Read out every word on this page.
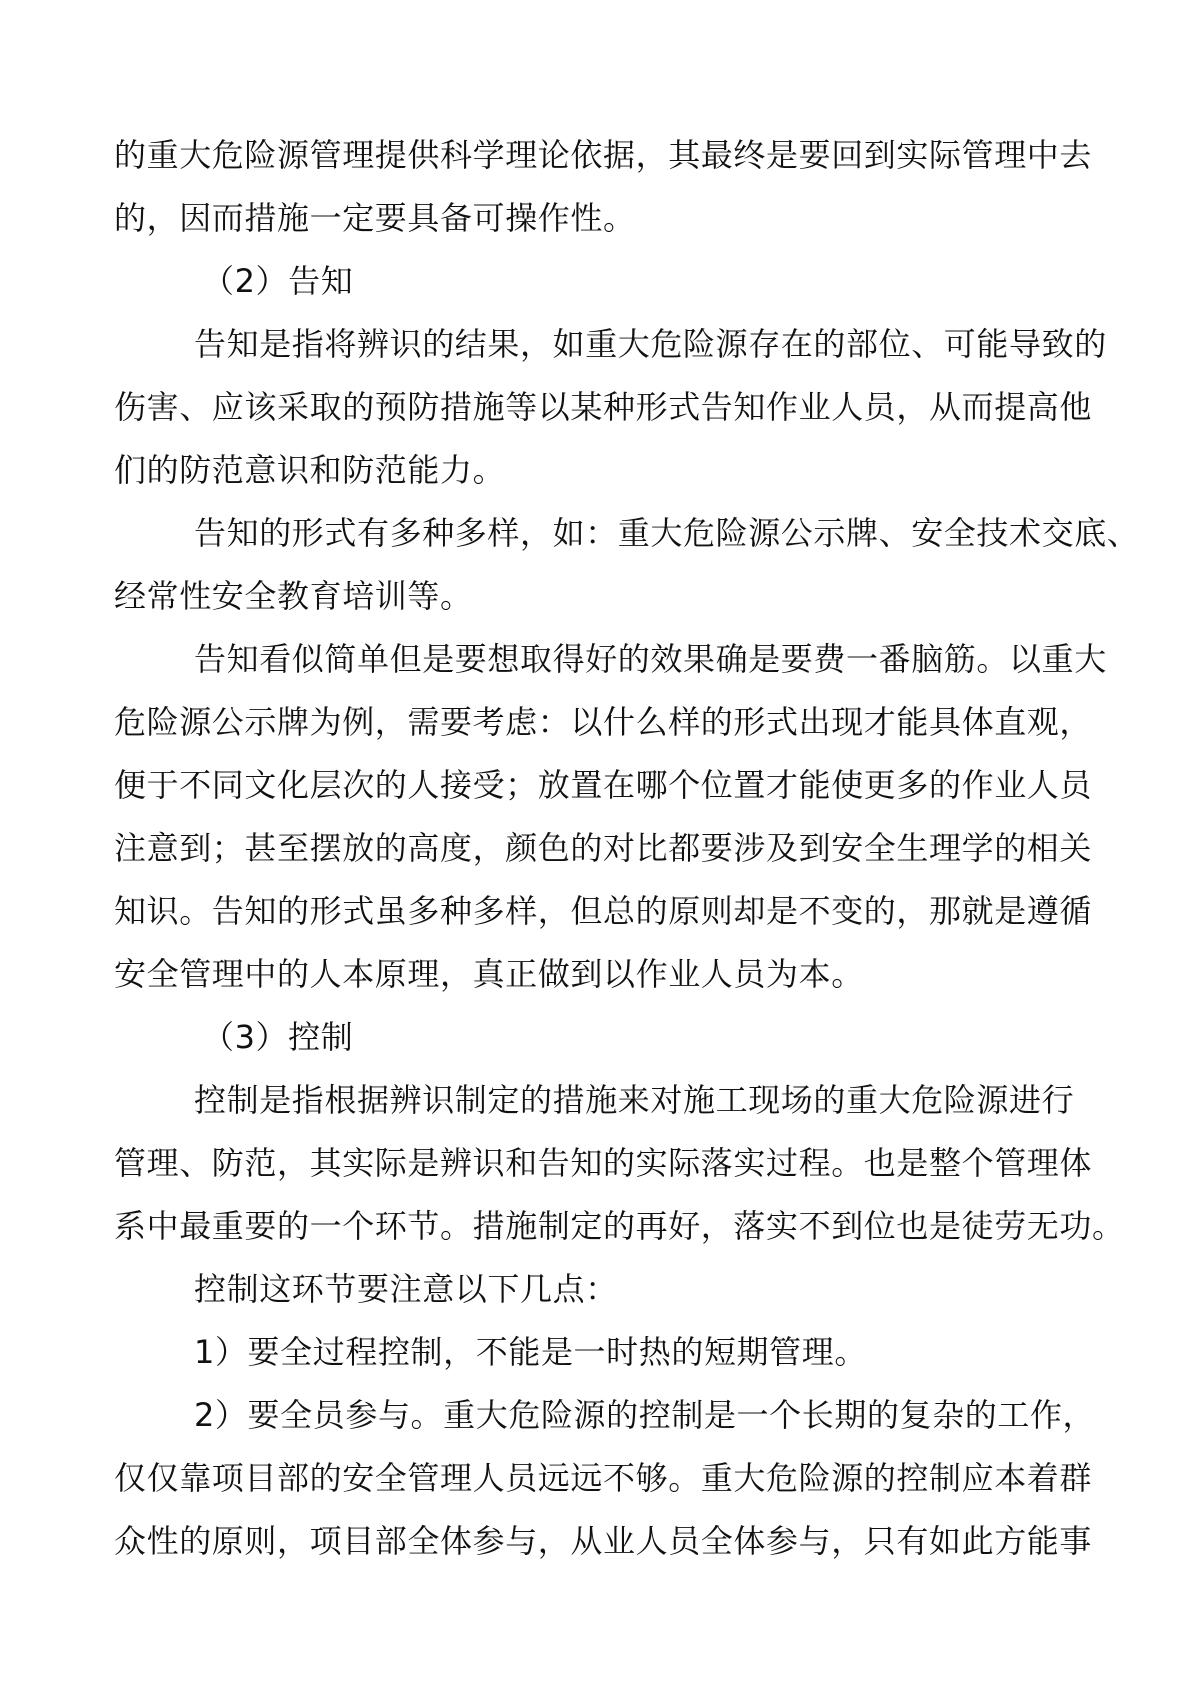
的重大危险源管理提供科学理论依据，其最终是要回到实际管理中去
的，因而措施一定要具备可操作性。

（2）告知

告知是指将辨识的结果，如重大危险源存在的部位、可能导致的
伤害、应该采取的预防措施等以某种形式告知作业人员，从而提高他
们的防范意识和防范能力。

告知的形式有多种多样，如：重大危险源公示牌、安全技术交底、
经常性安全教育培训等。

告知看似简单但是要想取得好的效果确是要费一番脑筋。以重大
危险源公示牌为例，需要考虑：以什么样的形式出现才能具体直观，
便于不同文化层次的人接受；放置在哪个位置才能使更多的作业人员
注意到；甚至摆放的高度，颜色的对比都要涉及到安全生理学的相关
知识。告知的形式虽多种多样，但总的原则却是不变的，那就是遵循
安全管理中的人本原理，真正做到以作业人员为本。

（3）控制

控制是指根据辨识制定的措施来对施工现场的重大危险源进行
管理、防范，其实际是辨识和告知的实际落实过程。也是整个管理体
系中最重要的一个环节。措施制定的再好，落实不到位也是徒劳无功。

控制这环节要注意以下几点：

1）要全过程控制，不能是一时热的短期管理。

2）要全员参与。重大危险源的控制是一个长期的复杂的工作，
仅仅靠项目部的安全管理人员远远不够。重大危险源的控制应本着群
众性的原则，项目部全体参与，从业人员全体参与，只有如此方能事
